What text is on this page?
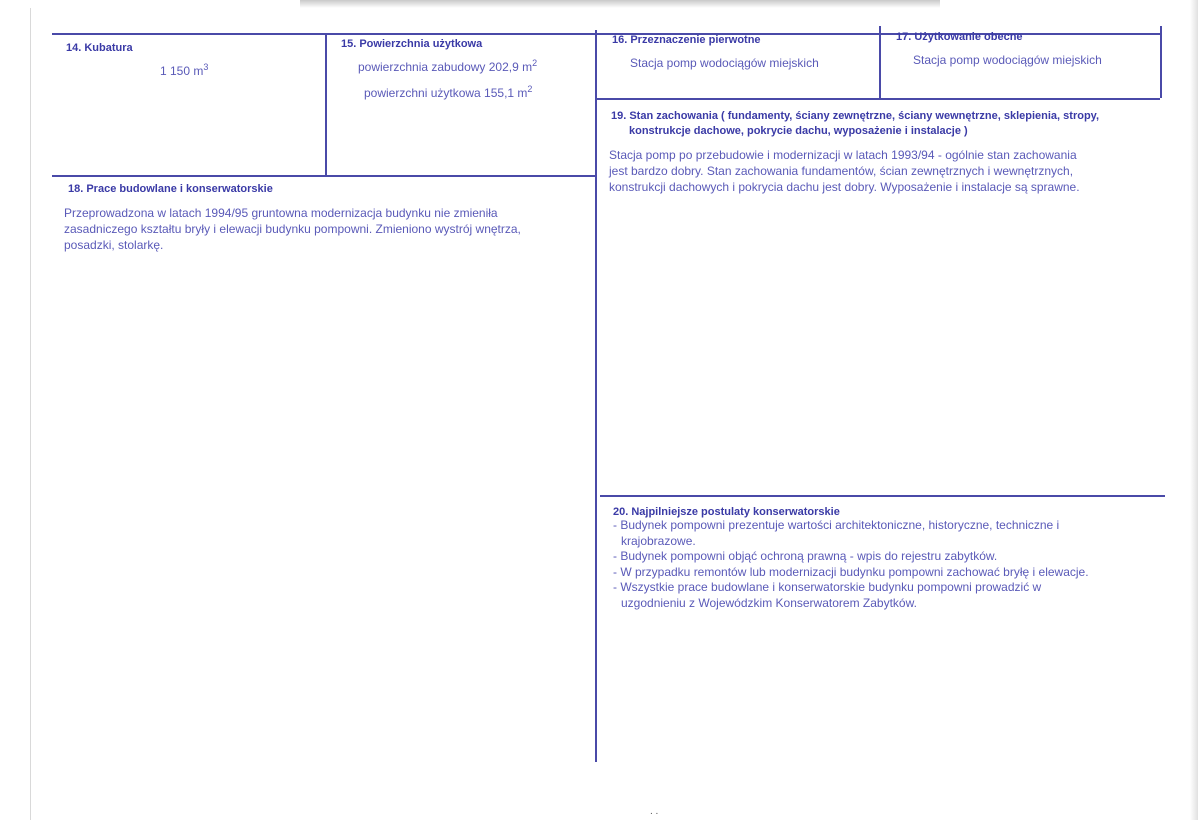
14. Kubatura
1 150 $m^3$
15. Powierzchnia użytkowa
powierzchnia zabudowy 202,9 $m^2$
powierzchni użytkowa 155,1 $m^2$
16. Przeznaczenie pierwotne
Stacja pomp wodociągów miejskich
17. Użytkowanie obecne
Stacja pomp wodociągów miejskich
18. Prace budowlane i konserwatorskie
Przeprowadzona w latach 1994/95 gruntowna modernizacja budynku nie zmieniła
zasadniczego kształtu bryły i elewacji budynku pompowni. Zmieniono wystrój wnętrza,
posadzki, stolarkę.
19. Stan zachowania ( fundamenty, ściany zewnętrzne, ściany wewnętrzne, sklepienia, stropy,
konstrukcje dachowe, pokrycie dachu, wyposażenie i instalacje )
Stacja pomp po przebudowie i modernizacji w latach 1993/94 - ogólnie stan zachowania
jest bardzo dobry. Stan zachowania fundamentów, ścian zewnętrznych i wewnętrznych,
konstrukcji dachowych i pokrycia dachu jest dobry. Wyposażenie i instalacje są sprawne.
20. Najpilniejsze postulaty konserwatorskie
- Budynek pompowni prezentuje wartości architektoniczne, historyczne, techniczne i
krajobrazowe.
- Budynek pompowni objąć ochroną prawną - wpis do rejestru zabytków.
- W przypadku remontów lub modernizacji budynku pompowni zachować bryłę i elewacje.
- Wszystkie prace budowlane i konserwatorskie budynku pompowni prowadzić w
uzgodnieniu z Wojewódzkim Konserwatorem Zabytków.
. .
